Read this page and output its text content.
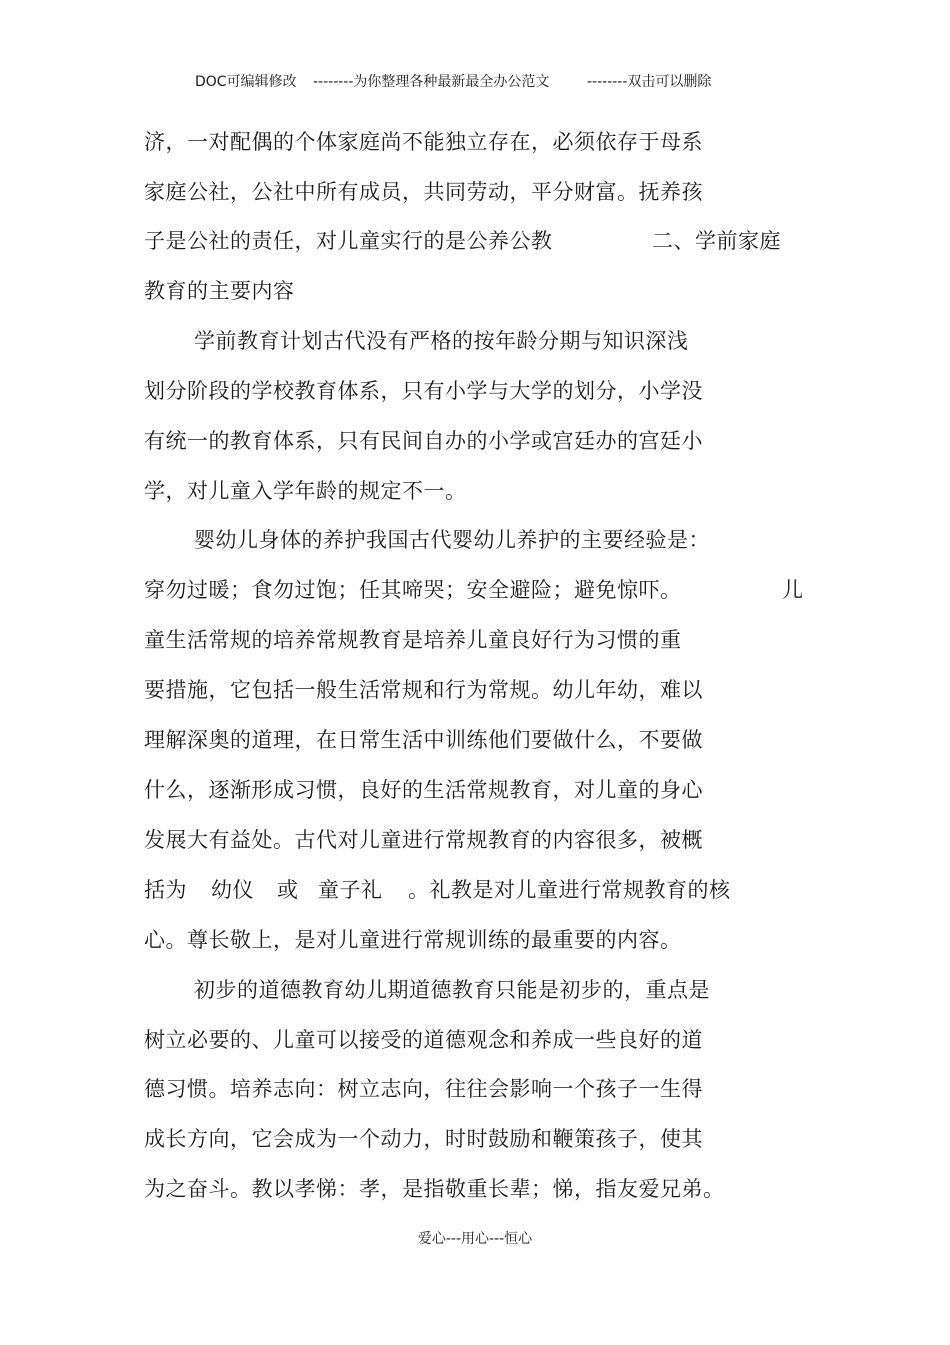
DOC可编辑修改 --------为你整理各种最新最全办公范文	--------双击可以删除
济，一对配偶的个体家庭尚不能独立存在，必须依存于母系
家庭公社，公社中所有成员，共同劳动，平分财富。抚养孩
子是公社的责任，对儿童实行的是公养公教	二、学前家庭
教育的主要内容
学前教育计划古代没有严格的按年龄分期与知识深浅
划分阶段的学校教育体系，只有小学与大学的划分，小学没
有统一的教育体系，只有民间自办的小学或宫廷办的宫廷小
学，对儿童入学年龄的规定不一。
婴幼儿身体的养护我国古代婴幼儿养护的主要经验是：
穿勿过暖；食勿过饱；任其啼哭；安全避险；避免惊吓。	儿
童生活常规的培养常规教育是培养儿童良好行为习惯的重
要措施，它包括一般生活常规和行为常规。幼儿年幼，难以
理解深奥的道理，在日常生活中训练他们要做什么，不要做
什么，逐渐形成习惯，良好的生活常规教育，对儿童的身心
发展大有益处。古代对儿童进行常规教育的内容很多，被概
括为 幼仪 或 童子礼 。礼教是对儿童进行常规教育的核
心。尊长敬上，是对儿童进行常规训练的最重要的内容。
初步的道德教育幼儿期道德教育只能是初步的，重点是
树立必要的、儿童可以接受的道德观念和养成一些良好的道
德习惯。培养志向：树立志向，往往会影响一个孩子一生得
成长方向，它会成为一个动力，时时鼓励和鞭策孩子，使其
为之奋斗。教以孝悌：孝，是指敬重长辈；悌，指友爱兄弟。
爱心---用心---恒心
